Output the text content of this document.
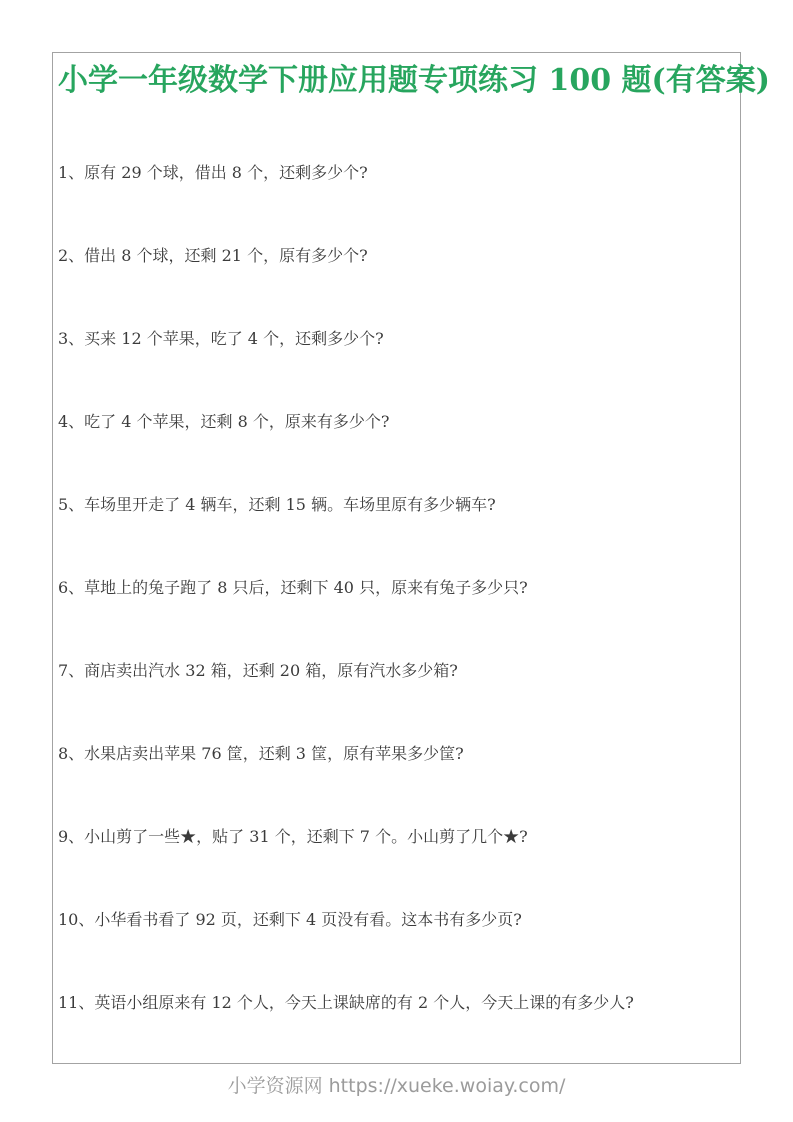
小学一年级数学下册应用题专项练习 100 题(有答案)
1、原有 29 个球，借出 8 个，还剩多少个?
2、借出 8 个球，还剩 21 个，原有多少个?
3、买来 12 个苹果，吃了 4 个，还剩多少个?
4、吃了 4 个苹果，还剩 8 个，原来有多少个?
5、车场里开走了 4 辆车，还剩 15 辆。车场里原有多少辆车?
6、草地上的兔子跑了 8 只后，还剩下 40 只，原来有兔子多少只?
7、商店卖出汽水 32 箱，还剩 20 箱，原有汽水多少箱?
8、水果店卖出苹果 76 筐，还剩 3 筐，原有苹果多少筐?
9、小山剪了一些★，贴了 31 个，还剩下 7 个。小山剪了几个★?
10、小华看书看了 92 页，还剩下 4 页没有看。这本书有多少页?
11、英语小组原来有 12 个人，今天上课缺席的有 2 个人，今天上课的有多少人?
小学资源网 https://xueke.woiay.com/
